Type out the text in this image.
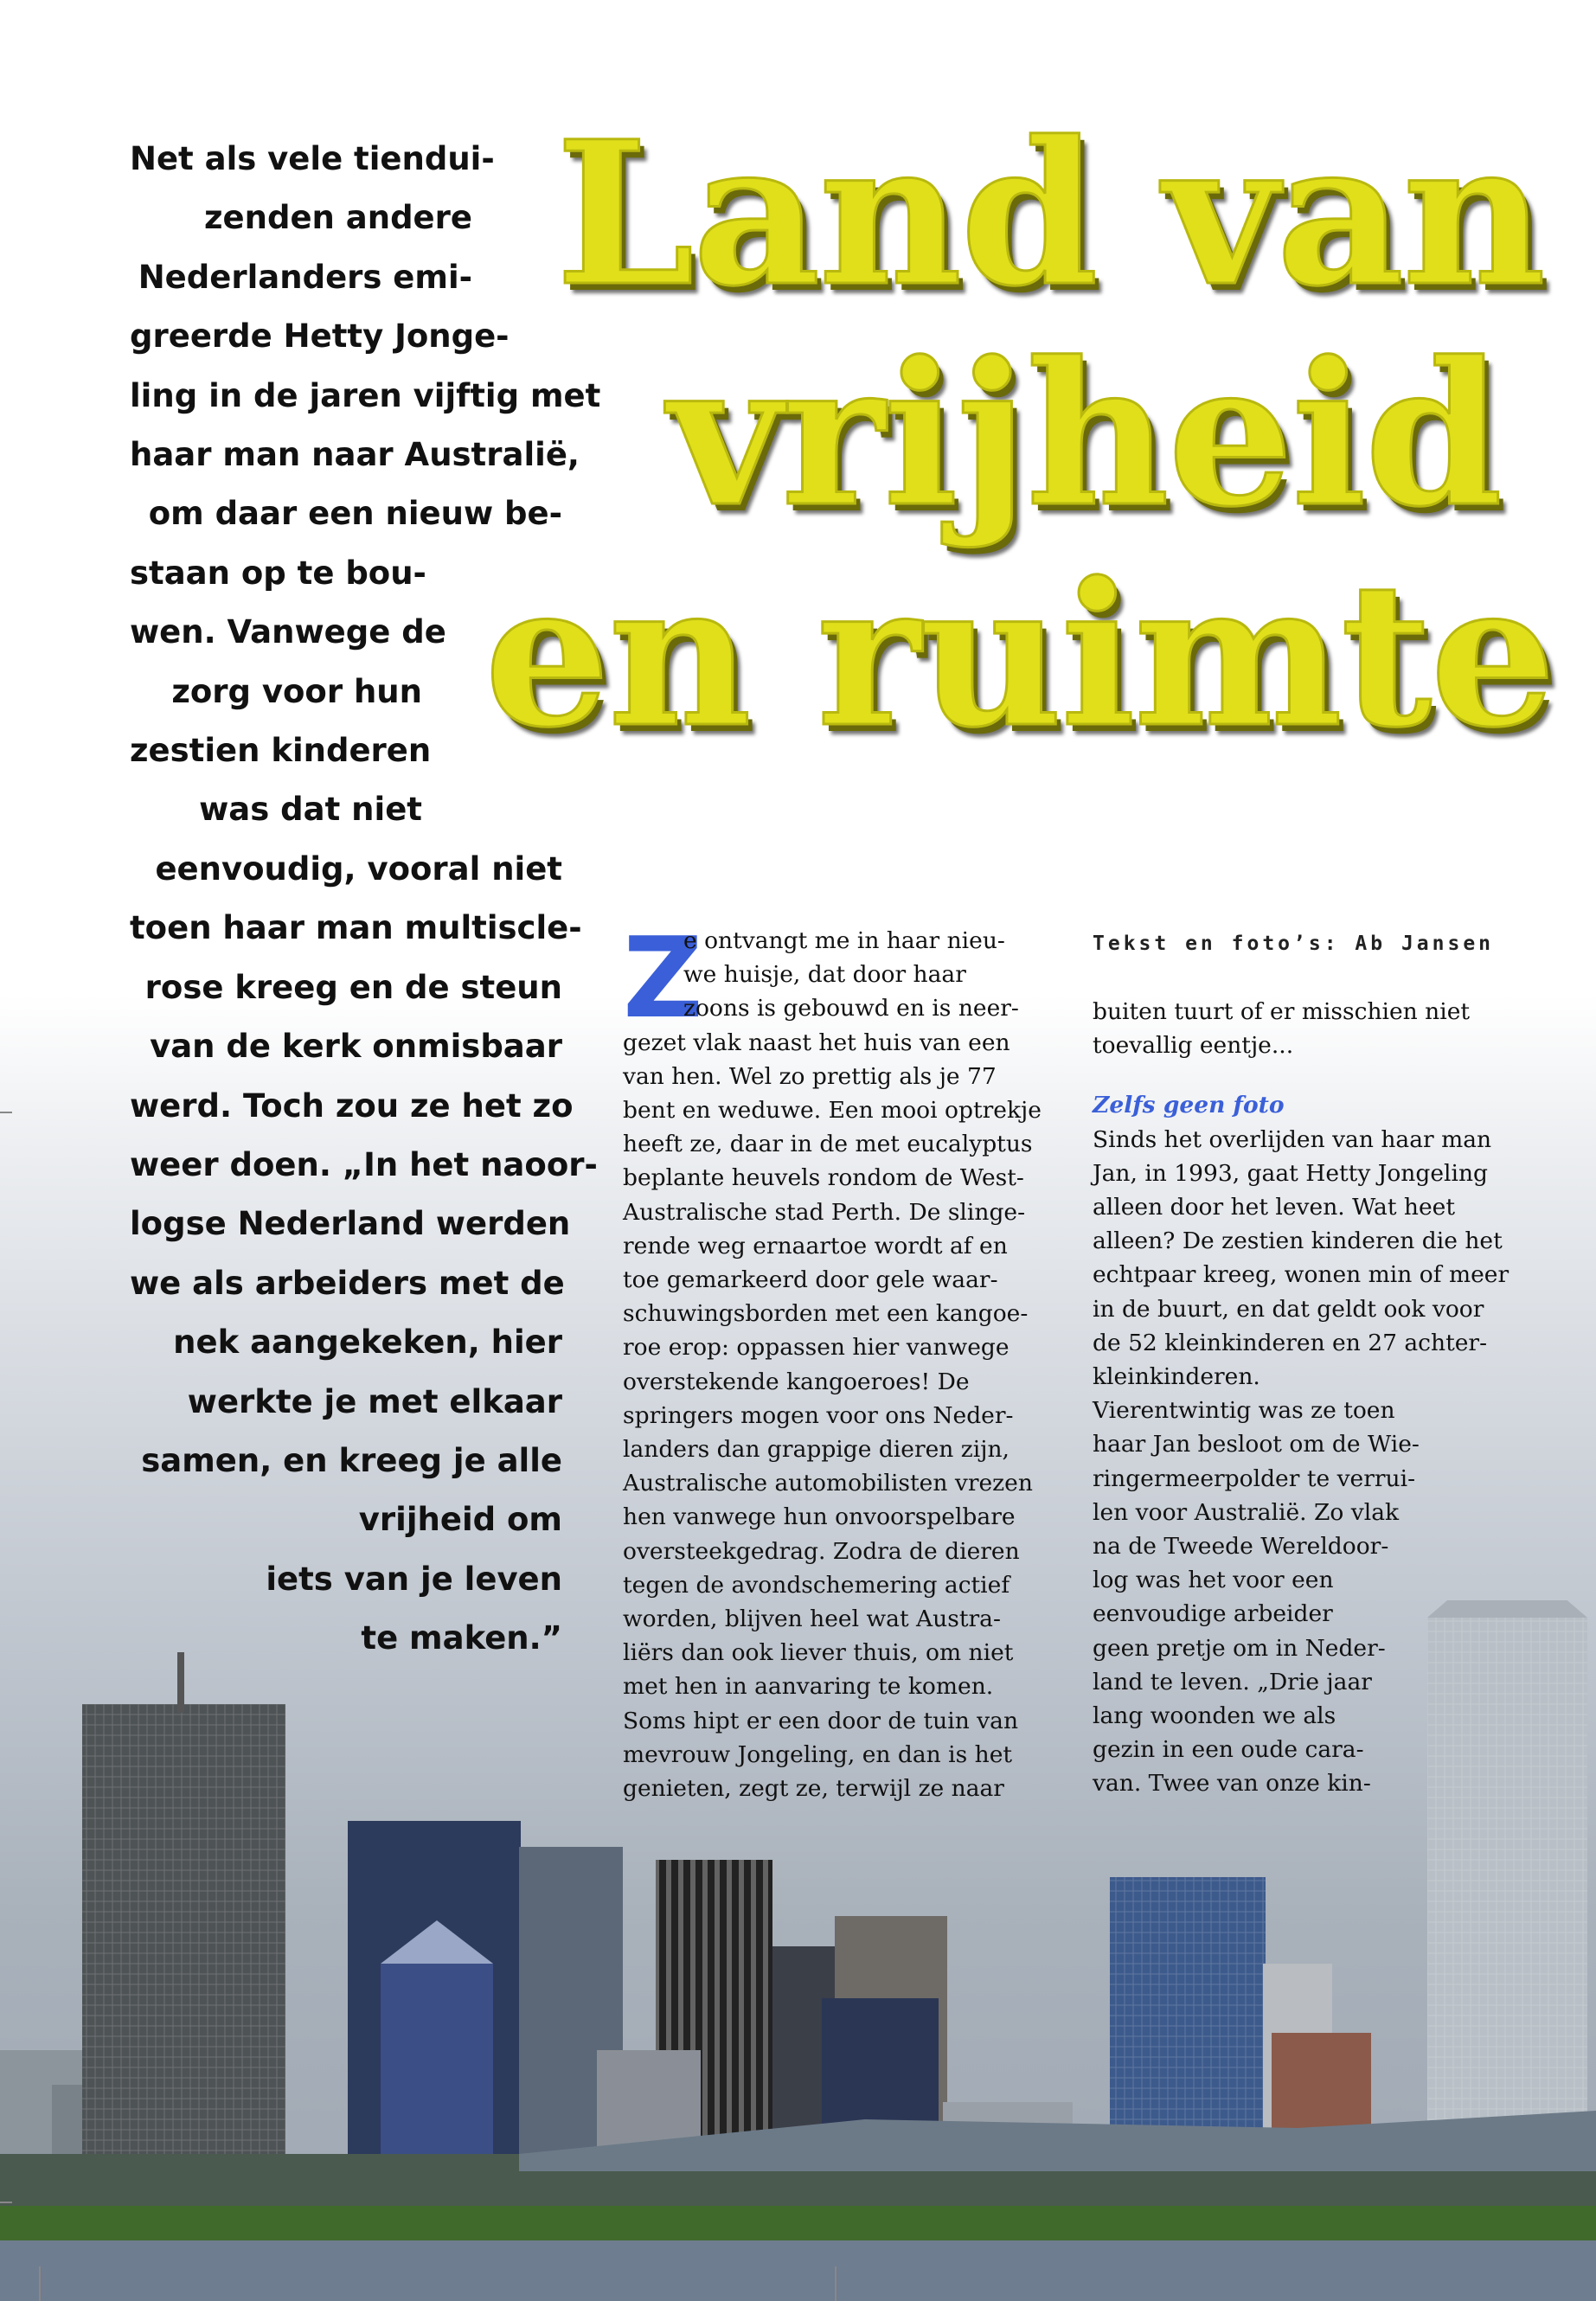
Land van
vrijheid
en ruimte
Net als vele tiendui-
zenden andere
Nederlanders emi-
greerde Hetty Jonge-
ling in de jaren vijftig met
haar man naar Australië,
om daar een nieuw be-
staan op te bou-
wen. Vanwege de
zorg voor hun
zestien kinderen
was dat niet
eenvoudig, vooral niet
toen haar man multiscle-
rose kreeg en de steun
van de kerk onmisbaar
werd. Toch zou ze het zo
weer doen. „In het naoor-
logse Nederland werden
we als arbeiders met de
nek aangekeken, hier
werkte je met elkaar
samen, en kreeg je alle
vrijheid om
iets van je leven
te maken.”
Z
e ontvangt me in haar nieu-
we huisje, dat door haar
zoons is gebouwd en is neer-
gezet vlak naast het huis van een
van hen. Wel zo prettig als je 77
bent en weduwe. Een mooi optrekje
heeft ze, daar in de met eucalyptus
beplante heuvels rondom de West-
Australische stad Perth. De slinge-
rende weg ernaartoe wordt af en
toe gemarkeerd door gele waar-
schuwingsborden met een kangoe-
roe erop: oppassen hier vanwege
overstekende kangoeroes! De
springers mogen voor ons Neder-
landers dan grappige dieren zijn,
Australische automobilisten vrezen
hen vanwege hun onvoorspelbare
oversteekgedrag. Zodra de dieren
tegen de avondschemering actief
worden, blijven heel wat Austra-
liërs dan ook liever thuis, om niet
met hen in aanvaring te komen.
Soms hipt er een door de tuin van
mevrouw Jongeling, en dan is het
genieten, zegt ze, terwijl ze naar
Tekst en foto’s: Ab Jansen
buiten tuurt of er misschien niet
toevallig eentje...
Zelfs geen foto
Sinds het overlijden van haar man
Jan, in 1993, gaat Hetty Jongeling
alleen door het leven. Wat heet
alleen? De zestien kinderen die het
echtpaar kreeg, wonen min of meer
in de buurt, en dat geldt ook voor
de 52 kleinkinderen en 27 achter-
kleinkinderen.
Vierentwintig was ze toen
haar Jan besloot om de Wie-
ringermeerpolder te verrui-
len voor Australië. Zo vlak
na de Tweede Wereldoor-
log was het voor een
eenvoudige arbeider
geen pretje om in Neder-
land te leven. „Drie jaar
lang woonden we als
gezin in een oude cara-
van. Twee van onze kin-
